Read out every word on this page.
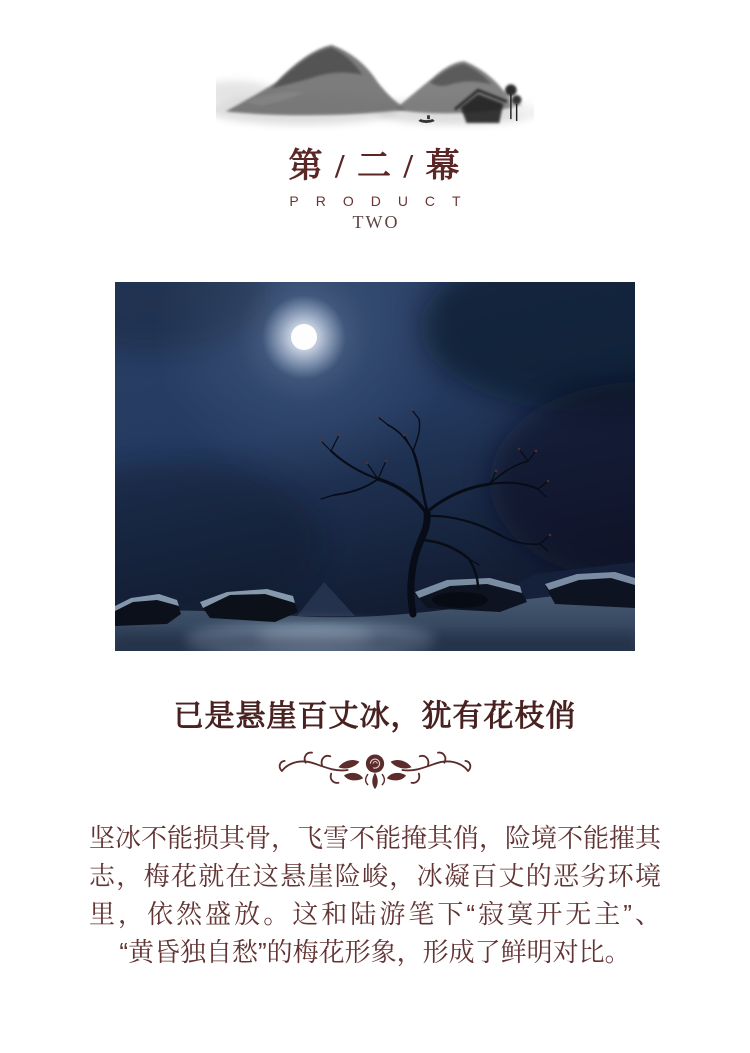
第 / 二 / 幕
PRODUCT
TWO
已是悬崖百丈冰，犹有花枝俏
坚冰不能损其骨，飞雪不能掩其俏，险境不能摧其
志，梅花就在这悬崖险峻，冰凝百丈的恶劣环境
里，依然盛放。这和陆游笔下“寂寞开无主”、
“黄昏独自愁”的梅花形象，形成了鲜明对比。
